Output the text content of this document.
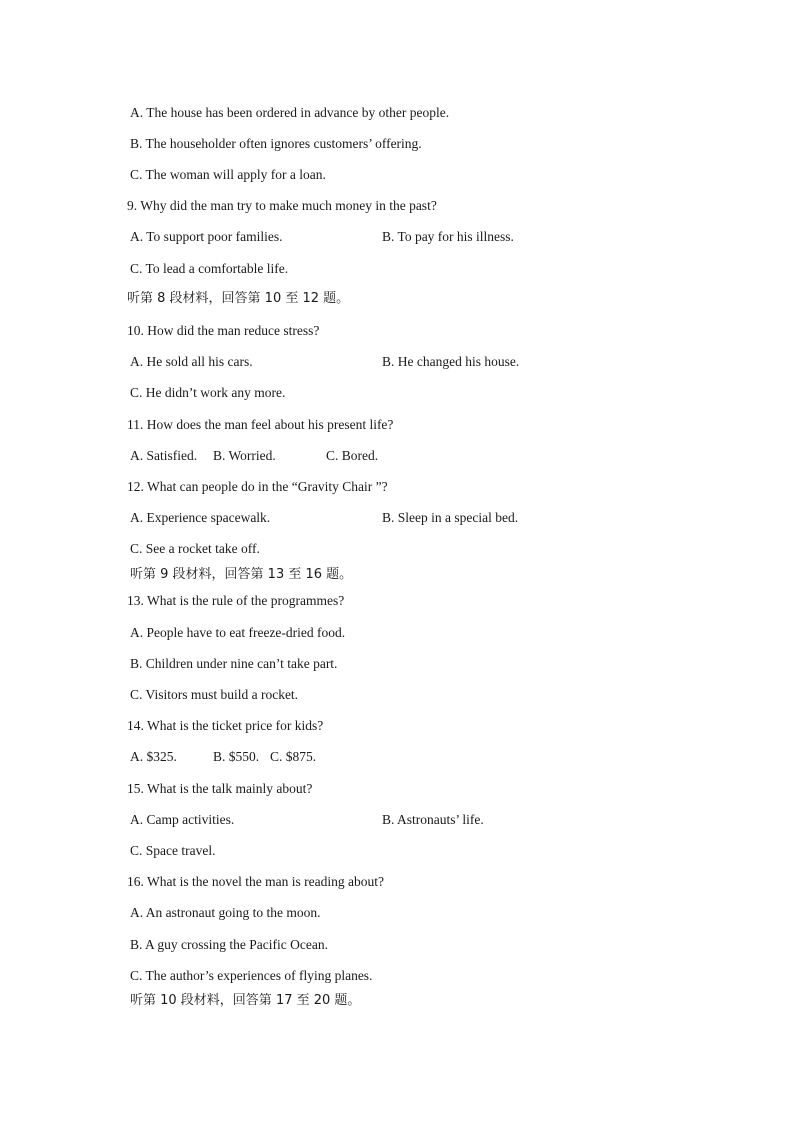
A. The house has been ordered in advance by other people.
B. The householder often ignores customers’ offering.
C. The woman will apply for a loan.
9. Why did the man try to make much money in the past?
A. To support poor families.	B. To pay for his illness.
C. To lead a comfortable life.
听第 8 段材料，回答第 10 至 12 题。
10. How did the man reduce stress?
A. He sold all his cars.	B. He changed his house.
C. He didn’t work any more.
11. How does the man feel about his present life?
A. Satisfied. B. Worried.	C. Bored.
12. What can people do in the “Gravity Chair ”?
A. Experience spacewalk.	B. Sleep in a special bed.
C. See a rocket take off.
听第 9 段材料，回答第 13 至 16 题。
13. What is the rule of the programmes?
A. People have to eat freeze-dried food.
B. Children under nine can’t take part.
C. Visitors must build a rocket.
14. What is the ticket price for kids?
A. $325.	B. $550. C. $875.
15. What is the talk mainly about?
A. Camp activities.	B. Astronauts’ life.
C. Space travel.
16. What is the novel the man is reading about?
A. An astronaut going to the moon.
B. A guy crossing the Pacific Ocean.
C. The author’s experiences of flying planes.
听第 10 段材料，回答第 17 至 20 题。
